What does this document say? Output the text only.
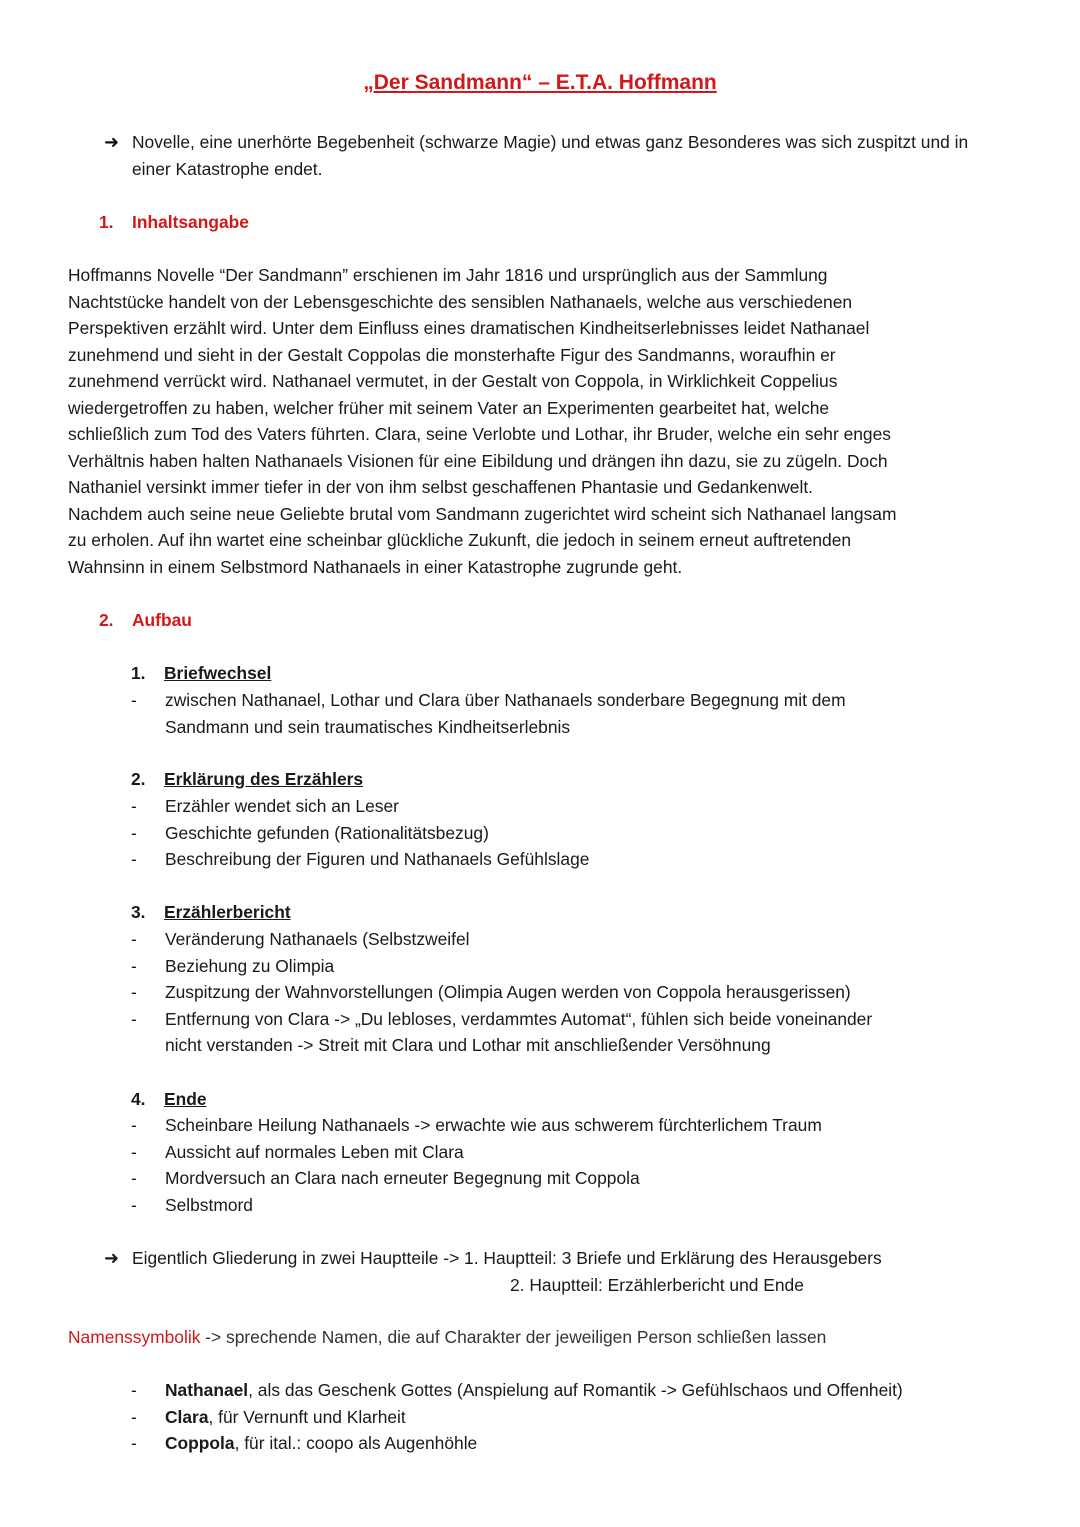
„Der Sandmann“ – E.T.A. Hoffmann
➜ Novelle, eine unerhörte Begebenheit (schwarze Magie) und etwas ganz Besonderes was sich zuspitzt und in einer Katastrophe endet.
1. Inhaltsangabe
Hoffmanns Novelle “Der Sandmann” erschienen im Jahr 1816 und ursprünglich aus der Sammlung
Nachtstücke handelt von der Lebensgeschichte des sensiblen Nathanaels, welche aus verschiedenen
Perspektiven erzählt wird. Unter dem Einfluss eines dramatischen Kindheitserlebnisses leidet Nathanael
zunehmend und sieht in der Gestalt Coppolas die monsterhafte Figur des Sandmanns, woraufhin er
zunehmend verrückt wird. Nathanael vermutet, in der Gestalt von Coppola, in Wirklichkeit Coppelius
wiedergetroffen zu haben, welcher früher mit seinem Vater an Experimenten gearbeitet hat, welche
schließlich zum Tod des Vaters führten. Clara, seine Verlobte und Lothar, ihr Bruder, welche ein sehr enges
Verhältnis haben halten Nathanaels Visionen für eine Eibildung und drängen ihn dazu, sie zu zügeln. Doch
Nathaniel versinkt immer tiefer in der von ihm selbst geschaffenen Phantasie und Gedankenwelt.
Nachdem auch seine neue Geliebte brutal vom Sandmann zugerichtet wird scheint sich Nathanael langsam
zu erholen. Auf ihn wartet eine scheinbar glückliche Zukunft, die jedoch in seinem erneut auftretenden
Wahnsinn in einem Selbstmord Nathanaels in einer Katastrophe zugrunde geht.
2. Aufbau
1. Briefwechsel
- zwischen Nathanael, Lothar und Clara über Nathanaels sonderbare Begegnung mit dem
Sandmann und sein traumatisches Kindheitserlebnis
2. Erklärung des Erzählers
- Erzähler wendet sich an Leser
- Geschichte gefunden (Rationalitätsbezug)
- Beschreibung der Figuren und Nathanaels Gefühlslage
3. Erzählerbericht
- Veränderung Nathanaels (Selbstzweifel
- Beziehung zu Olimpia
- Zuspitzung der Wahnvorstellungen (Olimpia Augen werden von Coppola herausgerissen)
- Entfernung von Clara -> „Du lebloses, verdammtes Automat“, fühlen sich beide voneinander
nicht verstanden -> Streit mit Clara und Lothar mit anschließender Versöhnung
4. Ende
- Scheinbare Heilung Nathanaels -> erwachte wie aus schwerem fürchterlichem Traum
- Aussicht auf normales Leben mit Clara
- Mordversuch an Clara nach erneuter Begegnung mit Coppola
- Selbstmord
➜ Eigentlich Gliederung in zwei Hauptteile -> 1. Hauptteil: 3 Briefe und Erklärung des Herausgebers
2. Hauptteil: Erzählerbericht und Ende
Namenssymbolik -> sprechende Namen, die auf Charakter der jeweiligen Person schließen lassen
- Nathanael, als das Geschenk Gottes (Anspielung auf Romantik -> Gefühlschaos und Offenheit)
- Clara, für Vernunft und Klarheit
- Coppola, für ital.: coopo als Augenhöhle
